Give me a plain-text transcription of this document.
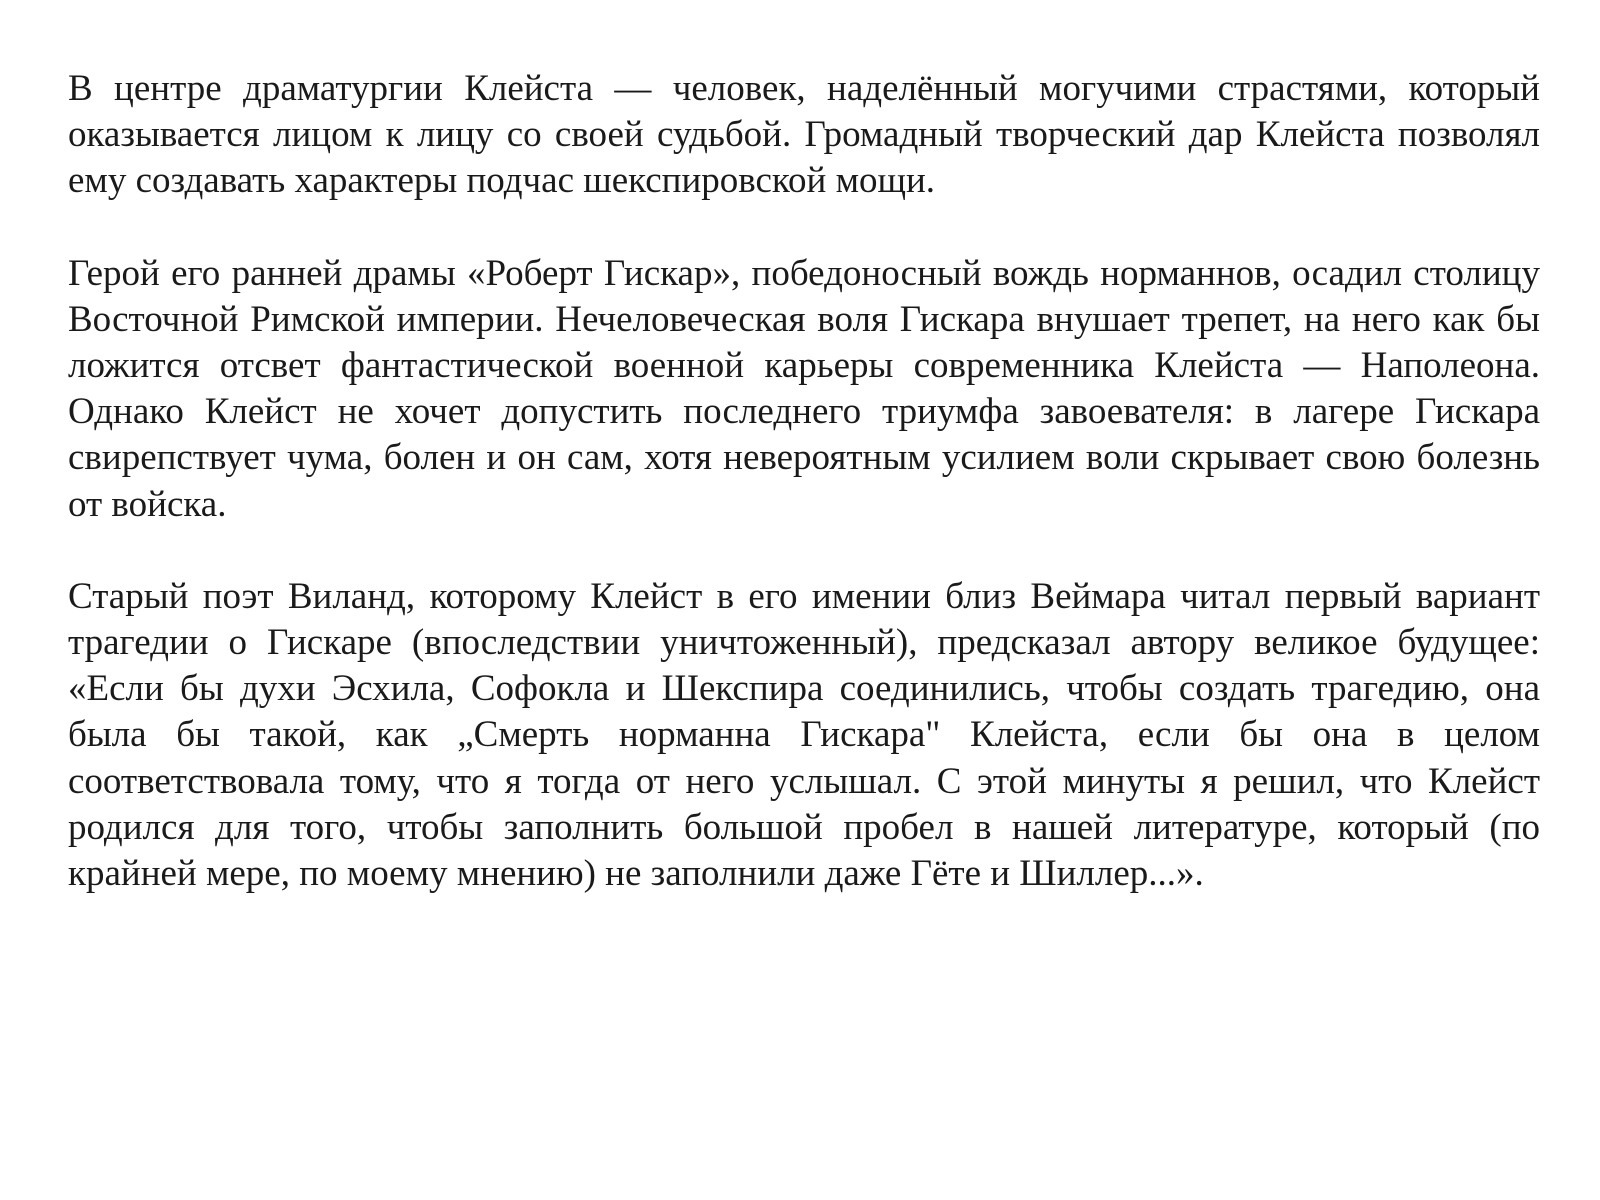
В центре драматургии Клейста — человек, наделённый могучими страстями, который оказывается лицом к лицу со своей судьбой. Громадный творческий дар Клейста позволял ему создавать характеры подчас шекспировской мощи.

Герой его ранней драмы «Роберт Гискар», победоносный вождь норманнов, осадил столицу Восточной Римской империи. Нечеловеческая воля Гискара внушает трепет, на него как бы ложится отсвет фантастической военной карьеры современника Клейста — Наполеона. Однако Клейст не хочет допустить последнего триумфа завоевателя: в лагере Гискара свирепствует чума, болен и он сам, хотя невероятным усилием воли скрывает свою болезнь от войска.

Старый поэт Виланд, которому Клейст в его имении близ Веймара читал первый вариант трагедии о Гискаре (впоследствии уничтоженный), предсказал автору великое будущее: «Если бы духи Эсхила, Софокла и Шекспира соединились, чтобы создать трагедию, она была бы такой, как „Смерть норманна Гискара" Клейста, если бы она в целом соответствовала тому, что я тогда от него услышал. С этой минуты я решил, что Клейст родился для того, чтобы заполнить большой пробел в нашей литературе, который (по крайней мере, по моему мнению) не заполнили даже Гёте и Шиллер...».
